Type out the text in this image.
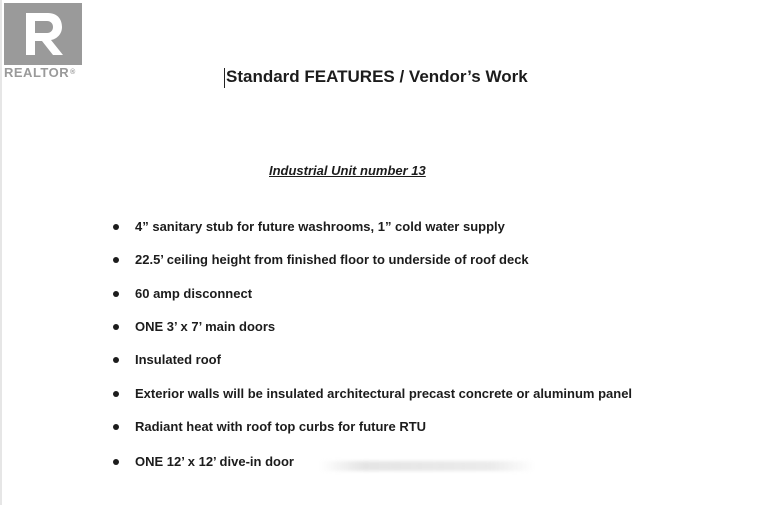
REALTOR®	Standard FEATURES / Vendor’s Work
Industrial Unit number 13
4” sanitary stub for future washrooms, 1” cold water supply
22.5’ ceiling height from finished floor to underside of roof deck
60 amp disconnect
ONE 3’ x 7’ main doors
Insulated roof
Exterior walls will be insulated architectural precast concrete or aluminum panel
Radiant heat with roof top curbs for future RTU
ONE 12’ x 12’ dive-in door
